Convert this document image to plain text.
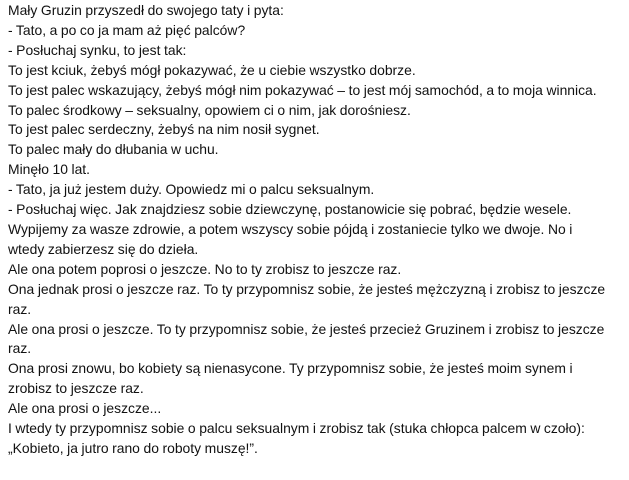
Mały Gruzin przyszedł do swojego taty i pyta:

- Tato, a po co ja mam aż pięć palców?

- Posłuchaj synku, to jest tak:

To jest kciuk, żebyś mógł pokazywać, że u ciebie wszystko dobrze.

To jest palec wskazujący, żebyś mógł nim pokazywać – to jest mój samochód, a to moja winnica.

To palec środkowy – seksualny, opowiem ci o nim, jak dorośniesz.

To jest palec serdeczny, żebyś na nim nosił sygnet.

To palec mały do dłubania w uchu.

Minęło 10 lat.

- Tato, ja już jestem duży. Opowiedz mi o palcu seksualnym.

- Posłuchaj więc. Jak znajdziesz sobie dziewczynę, postanowicie się pobrać, będzie wesele.

Wypijemy za wasze zdrowie, a potem wszyscy sobie pójdą i zostaniecie tylko we dwoje. No i wtedy zabierzesz się do dzieła.

Ale ona potem poprosi o jeszcze. No to ty zrobisz to jeszcze raz.

Ona jednak prosi o jeszcze raz. To ty przypomnisz sobie, że jesteś mężczyzną i zrobisz to jeszcze raz.

Ale ona prosi o jeszcze. To ty przypomnisz sobie, że jesteś przecież Gruzinem i zrobisz to jeszcze raz.

Ona prosi znowu, bo kobiety są nienasycone. Ty przypomnisz sobie, że jesteś moim synem i zrobisz to jeszcze raz.

Ale ona prosi o jeszcze...

I wtedy ty przypomnisz sobie o palcu seksualnym i zrobisz tak (stuka chłopca palcem w czoło):

„Kobieto, ja jutro rano do roboty muszę!”.
